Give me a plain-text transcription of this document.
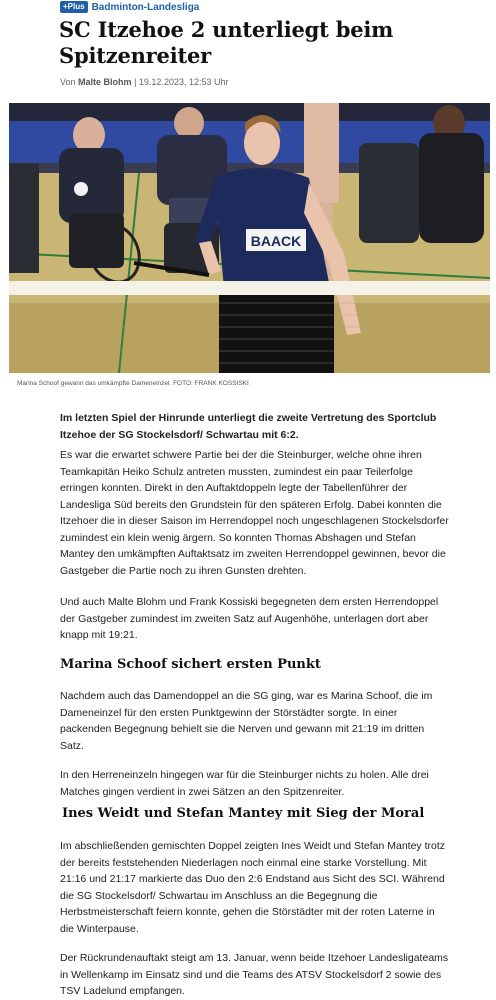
+Plus Badminton-Landesliga
SC Itzehoe 2 unterliegt beim Spitzenreiter
Von Malte Blohm | 19.12.2023, 12:53 Uhr
BAACK
Marina Schoof gewann das umkämpfte Dameneinzel. FOTO: FRANK KOSSISKI

Im letzten Spiel der Hinrunde unterliegt die zweite Vertretung des Sportclub Itzehoe der SG Stockelsdorf/ Schwartau mit 6:2.

Es war die erwartet schwere Partie bei der die Steinburger, welche ohne ihren Teamkapitän Heiko Schulz antreten mussten, zumindest ein paar Teilerfolge erringen konnten. Direkt in den Auftaktdoppeln legte der Tabellenführer der Landesliga Süd bereits den Grundstein für den späteren Erfolg. Dabei konnten die Itzehoer die in dieser Saison im Herrendoppel noch ungeschlagenen Stockelsdorfer zumindest ein klein wenig ärgern. So konnten Thomas Abshagen und Stefan Mantey den umkämpften Auftaktsatz im zweiten Herrendoppel gewinnen, bevor die Gastgeber die Partie noch zu ihren Gunsten drehten.

Und auch Malte Blohm und Frank Kossiski begegneten dem ersten Herrendoppel der Gastgeber zumindest im zweiten Satz auf Augenhöhe, unterlagen dort aber knapp mit 19:21.

Marina Schoof sichert ersten Punkt

Nachdem auch das Damendoppel an die SG ging, war es Marina Schoof, die im Dameneinzel für den ersten Punktgewinn der Störstädter sorgte. In einer packenden Begegnung behielt sie die Nerven und gewann mit 21:19 im dritten Satz.

In den Herreneinzeln hingegen war für die Steinburger nichts zu holen. Alle drei Matches gingen verdient in zwei Sätzen an den Spitzenreiter.

Ines Weidt und Stefan Mantey mit Sieg der Moral

Im abschließenden gemischten Doppel zeigten Ines Weidt und Stefan Mantey trotz der bereits feststehenden Niederlagen noch einmal eine starke Vorstellung. Mit 21:16 und 21:17 markierte das Duo den 2:6 Endstand aus Sicht des SCI. Während die SG Stockelsdorf/ Schwartau im Anschluss an die Begegnung die Herbstmeisterschaft feiern konnte, gehen die Störstädter mit der roten Laterne in die Winterpause.

Der Rückrundenauftakt steigt am 13. Januar, wenn beide Itzehoer Landesligateams in Wellenkamp im Einsatz sind und die Teams des ATSV Stockelsdorf 2 sowie des TSV Ladelund empfangen.
